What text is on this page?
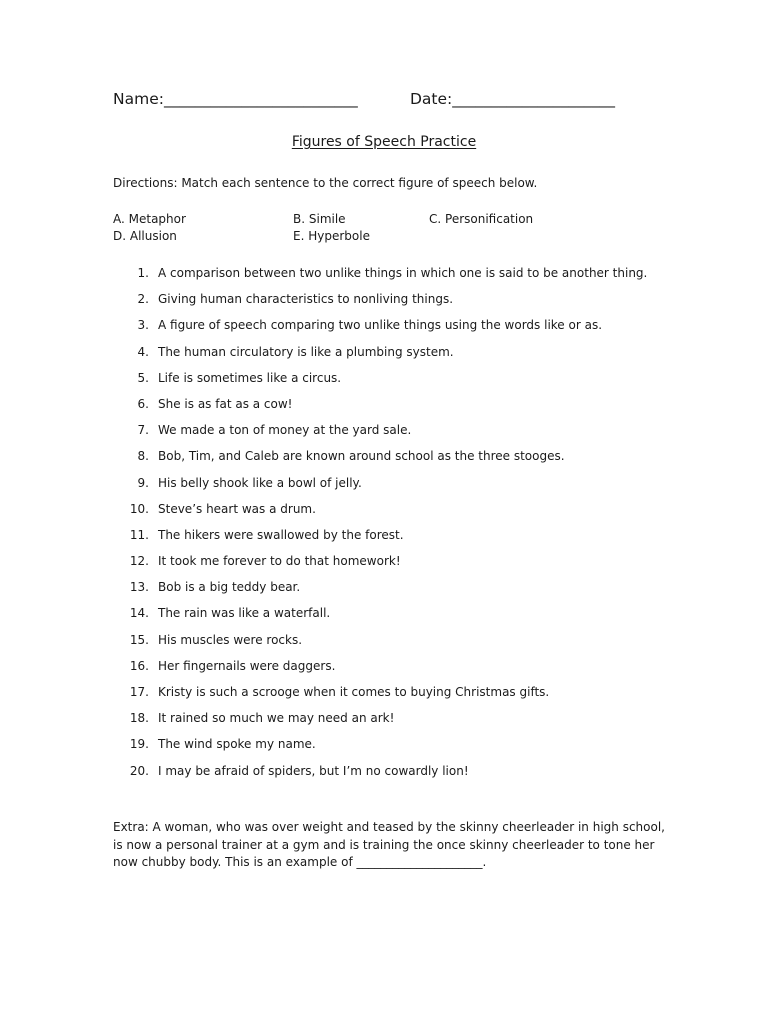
Name:_________________________	Date:_____________________
Figures of Speech Practice
Directions: Match each sentence to the correct figure of speech below.
A. Metaphor	B. Simile	C. Personification
D. Allusion	E. Hyperbole
1. A comparison between two unlike things in which one is said to be another thing.
2. Giving human characteristics to nonliving things.
3. A figure of speech comparing two unlike things using the words like or as.
4. The human circulatory is like a plumbing system.
5. Life is sometimes like a circus.
6. She is as fat as a cow!
7. We made a ton of money at the yard sale.
8. Bob, Tim, and Caleb are known around school as the three stooges.
9. His belly shook like a bowl of jelly.
10. Steve’s heart was a drum.
11. The hikers were swallowed by the forest.
12. It took me forever to do that homework!
13. Bob is a big teddy bear.
14. The rain was like a waterfall.
15. His muscles were rocks.
16. Her fingernails were daggers.
17. Kristy is such a scrooge when it comes to buying Christmas gifts.
18. It rained so much we may need an ark!
19. The wind spoke my name.
20. I may be afraid of spiders, but I’m no cowardly lion!
Extra: A woman, who was over weight and teased by the skinny cheerleader in high school,
is now a personal trainer at a gym and is training the once skinny cheerleader to tone her
now chubby body. This is an example of _____________________.
